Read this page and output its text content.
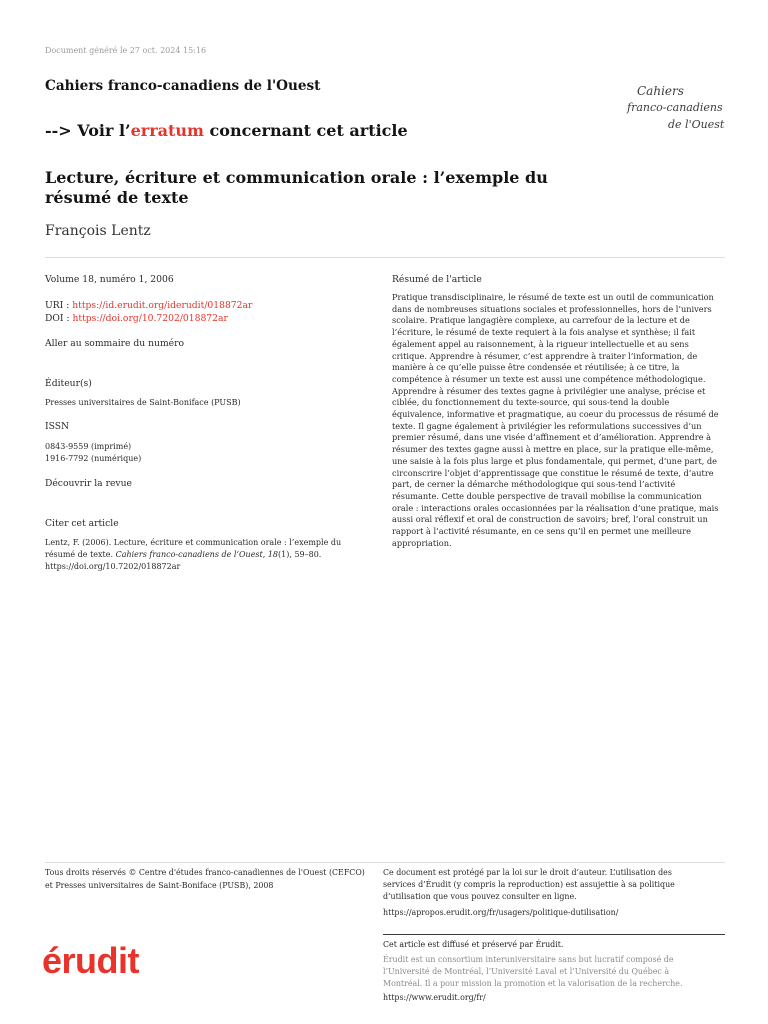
Document généré le 27 oct. 2024 15:16
Cahiers franco-canadiens de l'Ouest	Cahiers
franco-canadiens
de l'Ouest
--> Voir l’erratum concernant cet article
Lecture, écriture et communication orale : l’exemple du résumé de texte
François Lentz
Volume 18, numéro 1, 2006
URI : https://id.erudit.org/iderudit/018872ar
DOI : https://doi.org/10.7202/018872ar
Aller au sommaire du numéro
Éditeur(s)
Presses universitaires de Saint-Boniface (PUSB)
ISSN
0843-9559 (imprimé)
1916-7792 (numérique)
Découvrir la revue
Citer cet article
Lentz, F. (2006). Lecture, écriture et communication orale : l’exemple du
résumé de texte. Cahiers franco-canadiens de l’Ouest, 18(1), 59–80.
https://doi.org/10.7202/018872ar
Résumé de l'article
Pratique transdisciplinaire, le résumé de texte est un outil de communication
dans de nombreuses situations sociales et professionnelles, hors de l’univers
scolaire. Pratique langagière complexe, au carrefour de la lecture et de
l’écriture, le résumé de texte requiert à la fois analyse et synthèse; il fait
également appel au raisonnement, à la rigueur intellectuelle et au sens
critique. Apprendre à résumer, c’est apprendre à traiter l’information, de
manière à ce qu’elle puisse être condensée et réutilisée; à ce titre, la
compétence à résumer un texte est aussi une compétence méthodologique.
Apprendre à résumer des textes gagne à privilégier une analyse, précise et
ciblée, du fonctionnement du texte-source, qui sous-tend la double
équivalence, informative et pragmatique, au coeur du processus de résumé de
texte. Il gagne également à privilégier les reformulations successives d’un
premier résumé, dans une visée d’affinement et d’amélioration. Apprendre à
résumer des textes gagne aussi à mettre en place, sur la pratique elle-même,
une saisie à la fois plus large et plus fondamentale, qui permet, d’une part, de
circonscrire l’objet d’apprentissage que constitue le résumé de texte, d’autre
part, de cerner la démarche méthodologique qui sous-tend l’activité
résumante. Cette double perspective de travail mobilise la communication
orale : interactions orales occasionnées par la réalisation d’une pratique, mais
aussi oral réflexif et oral de construction de savoirs; bref, l’oral construit un
rapport à l’activité résumante, en ce sens qu’il en permet une meilleure
appropriation.
Tous droits réservés © Centre d'études franco-canadiennes de l'Ouest (CEFCO)
et Presses universitaires de Saint-Boniface (PUSB), 2008
Ce document est protégé par la loi sur le droit d’auteur. L’utilisation des
services d’Érudit (y compris la reproduction) est assujettie à sa politique
d’utilisation que vous pouvez consulter en ligne.
https://apropos.erudit.org/fr/usagers/politique-dutilisation/
érudit	Cet article est diffusé et préservé par Érudit.
Érudit est un consortium interuniversitaire sans but lucratif composé de
l’Université de Montréal, l’Université Laval et l’Université du Québec à
Montréal. Il a pour mission la promotion et la valorisation de la recherche.
https://www.erudit.org/fr/
